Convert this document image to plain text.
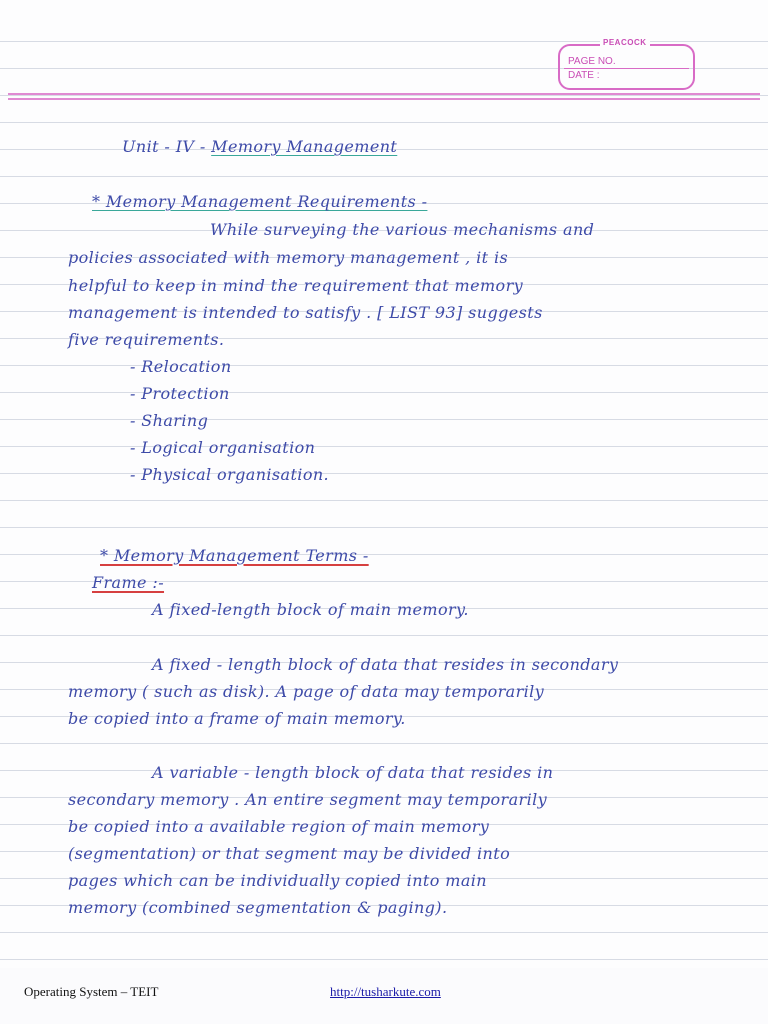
PEACOCK
PAGE NO.
DATE :
Unit - IV - Memory Management
* Memory Management Requirements -
While surveying the various mechanisms and
policies associated with memory management , it is
helpful to keep in mind the requirement that memory
management is intended to satisfy . [ LIST 93] suggests
five requirements.
- Relocation
- Protection
- Sharing
- Logical organisation
- Physical organisation.
* Memory Management Terms -
Frame :-
A fixed-length block of main memory.
A fixed - length block of data that resides in secondary
memory ( such as disk). A page of data may temporarily
be copied into a frame of main memory.
A variable - length block of data that resides in
secondary memory . An entire segment may temporarily
be copied into a available region of main memory
(segmentation) or that segment may be divided into
pages which can be individually copied into main
memory (combined segmentation & paging).
Operating System – TEIT	http://tusharkute.com
